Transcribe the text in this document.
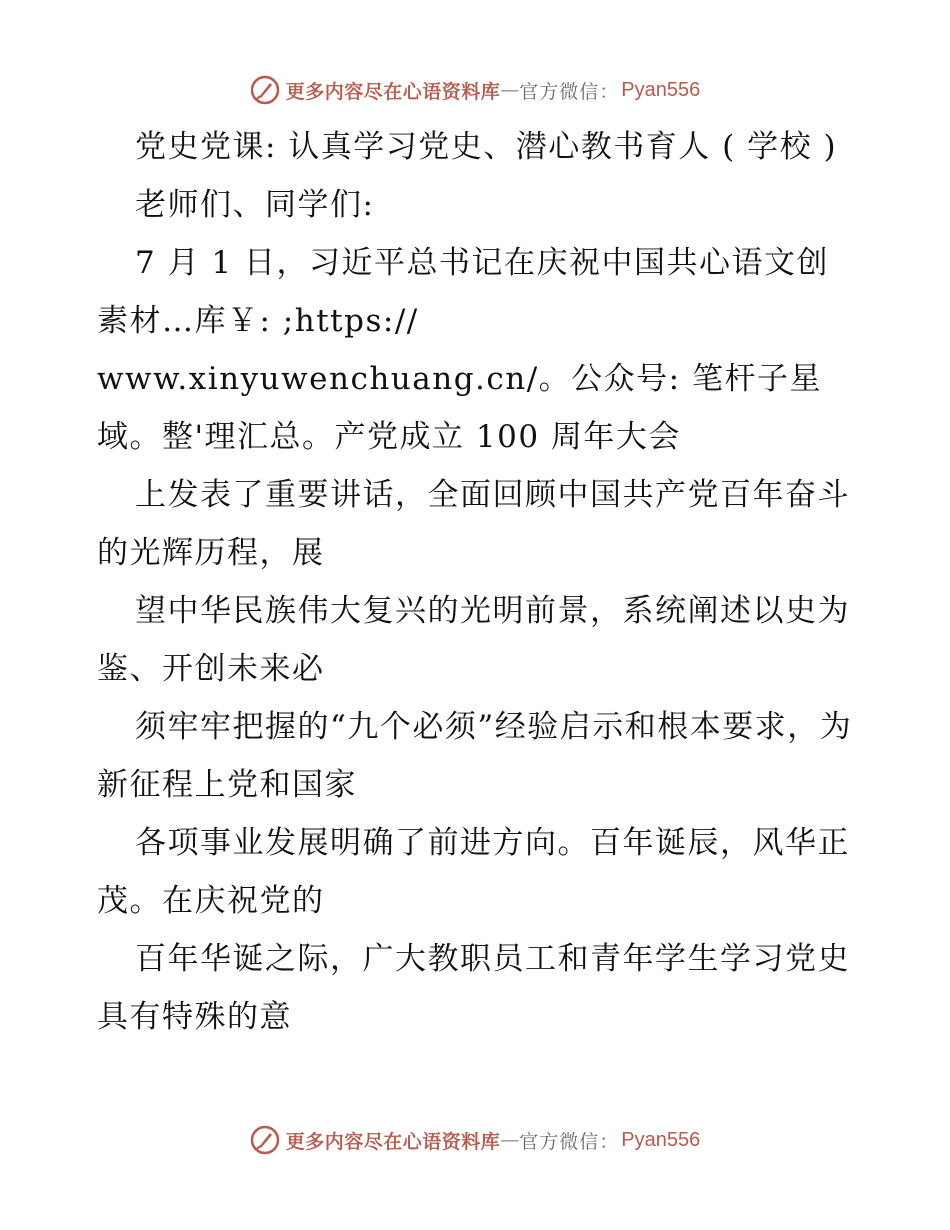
更多内容尽在心语资料库 — 官方微信： Pyan556

党史党课: 认真学习党史、潜心教书育人 ( 学校 )

老师们、同学们:

7 月 1 日，习近平总书记在庆祝中国共心语文创素材…库￥: ;https://

www.xinyuwenchuang.cn/。公众号: 笔杆子星域。整'理汇总。产党成立 100 周年大会

上发表了重要讲话，全面回顾中国共产党百年奋斗的光辉历程，展

望中华民族伟大复兴的光明前景，系统阐述以史为鉴、开创未来必

须牢牢把握的“九个必须”经验启示和根本要求，为新征程上党和国家

各项事业发展明确了前进方向。百年诞辰，风华正茂。在庆祝党的

百年华诞之际，广大教职员工和青年学生学习党史具有特殊的意

更多内容尽在心语资料库 — 官方微信： Pyan556
